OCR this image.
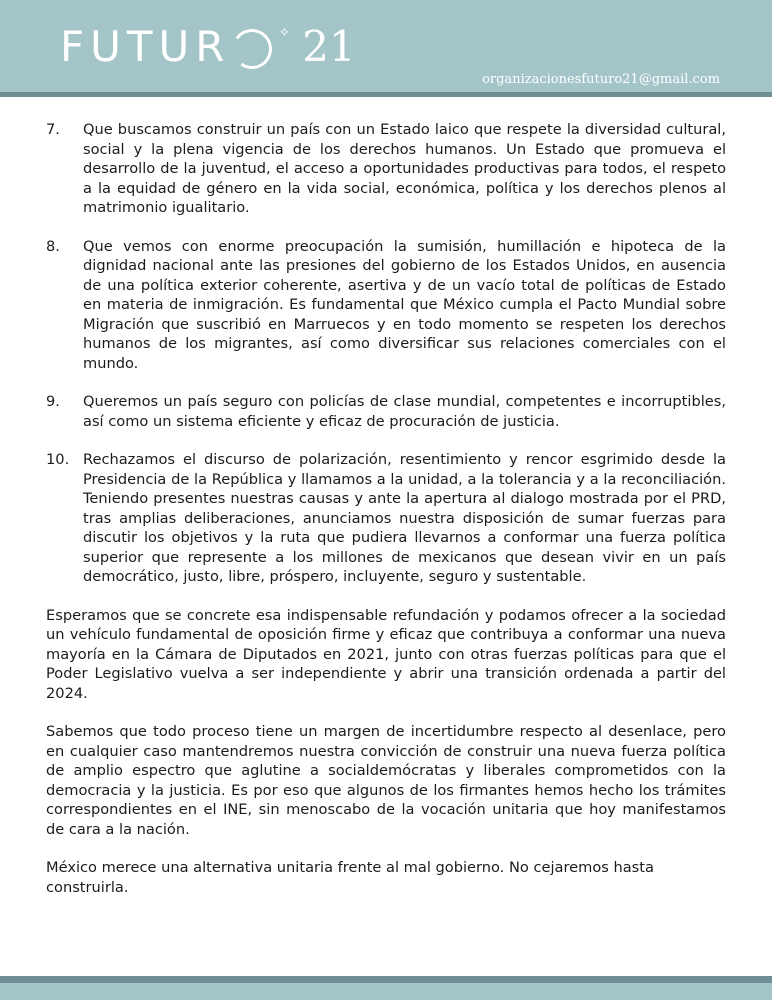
FUTUR	✧ 21
organizacionesfuturo21@gmail.com
7.	Que buscamos construir un país con un Estado laico que respete la diversidad cultural, social y la plena vigencia de los derechos humanos. Un Estado que promueva el desarrollo de la juventud, el acceso a oportunidades productivas para todos, el respeto a la equidad de género en la vida social, económica, política y los derechos plenos al matrimonio igualitario.
8.	Que vemos con enorme preocupación la sumisión, humillación e hipoteca de la dignidad nacional ante las presiones del gobierno de los Estados Unidos, en ausencia de una política exterior coherente, asertiva y de un vacío total de políticas de Estado en materia de inmigración. Es fundamental que México cumpla el Pacto Mundial sobre Migración que suscribió en Marruecos y en todo momento se respeten los derechos humanos de los migrantes, así como diversificar sus relaciones comerciales con el mundo.
9.	Queremos un país seguro con policías de clase mundial, competentes e incorruptibles, así como un sistema eficiente y eficaz de procuración de justicia.
10. Rechazamos el discurso de polarización, resentimiento y rencor esgrimido desde la Presidencia de la República y llamamos a la unidad, a la tolerancia y a la reconciliación. Teniendo presentes nuestras causas y ante la apertura al dialogo mostrada por el PRD, tras amplias deliberaciones, anunciamos nuestra disposición de sumar fuerzas para discutir los objetivos y la ruta que pudiera llevarnos a conformar una fuerza política superior que represente a los millones de mexicanos que desean vivir en un país democrático, justo, libre, próspero, incluyente, seguro y sustentable.

Esperamos que se concrete esa indispensable refundación y podamos ofrecer a la sociedad un vehículo fundamental de oposición firme y eficaz que contribuya a conformar una nueva mayoría en la Cámara de Diputados en 2021, junto con otras fuerzas políticas para que el Poder Legislativo vuelva a ser independiente y abrir una transición ordenada a partir del 2024.

Sabemos que todo proceso tiene un margen de incertidumbre respecto al desenlace, pero en cualquier caso mantendremos nuestra convicción de construir una nueva fuerza política de amplio espectro que aglutine a socialdemócratas y liberales comprometidos con la democracia y la justicia. Es por eso que algunos de los firmantes hemos hecho los trámites correspondientes en el INE, sin menoscabo de la vocación unitaria que hoy manifestamos de cara a la nación.

México merece una alternativa unitaria frente al mal gobierno. No cejaremos hasta construirla.
